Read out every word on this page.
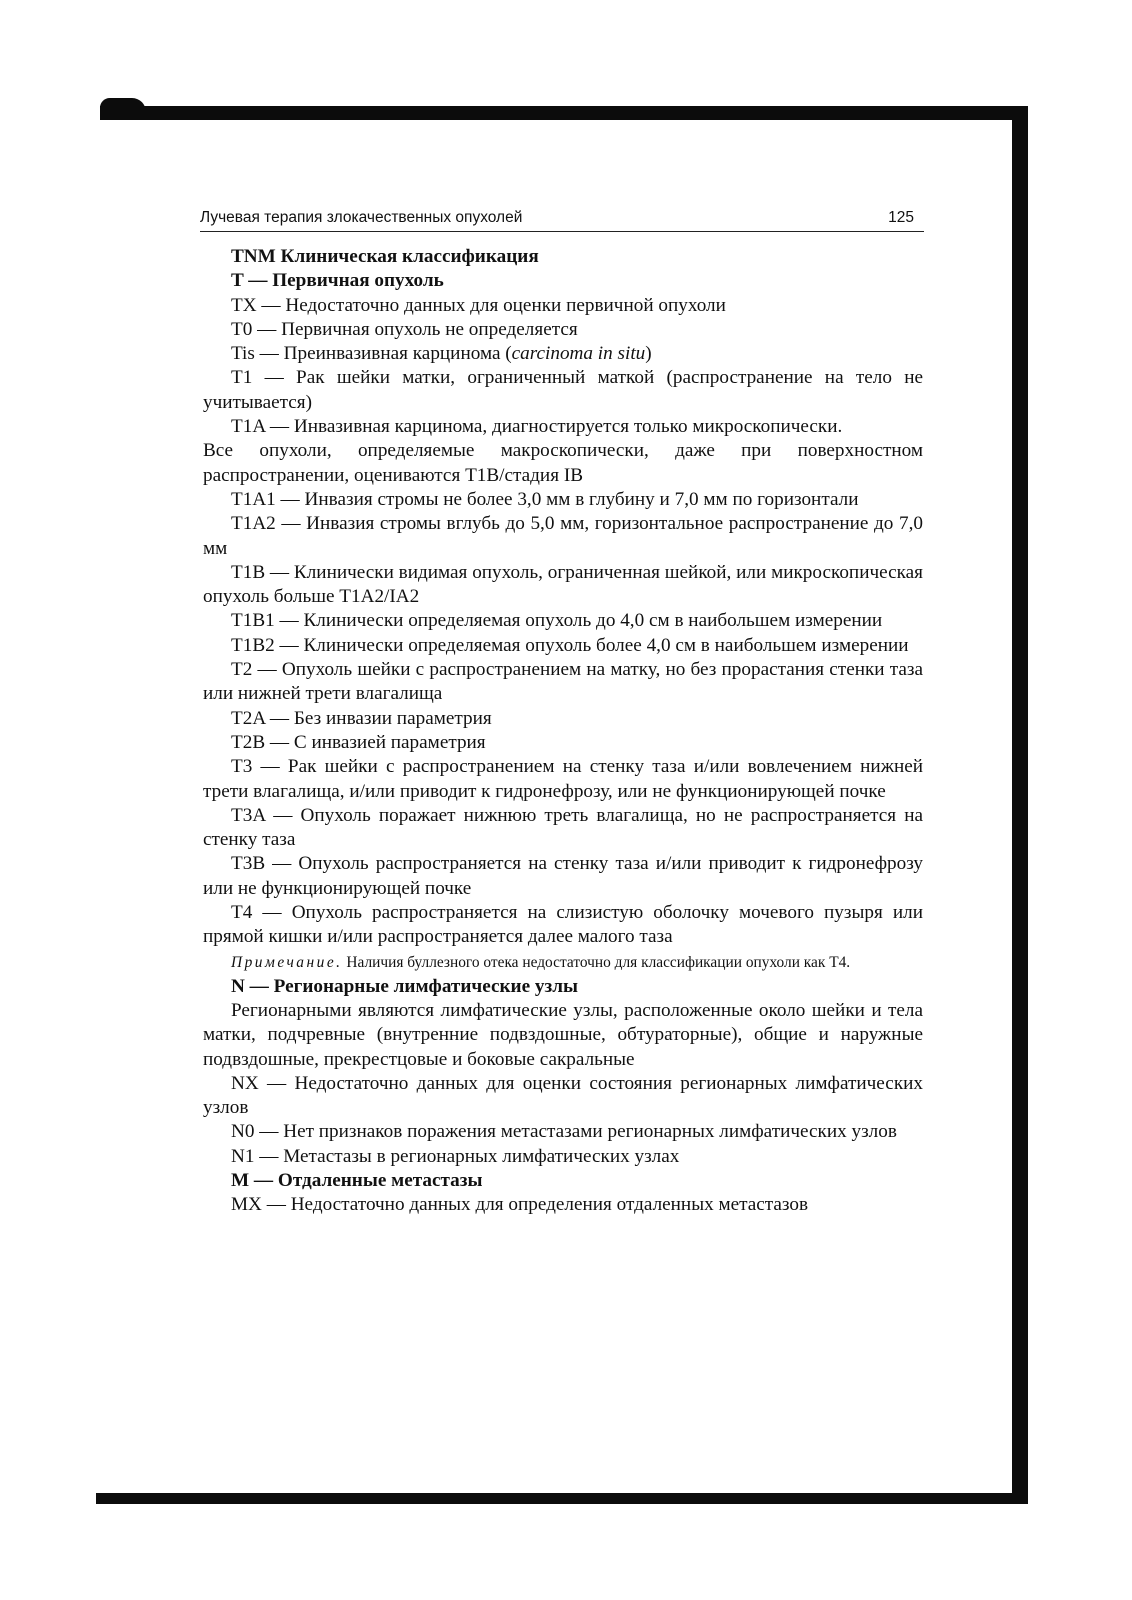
Лучевая терапия злокачественных опухолей	125

TNM Клиническая классификация

T — Первичная опухоль

TX — Недостаточно данных для оценки первичной опухоли

T0 — Первичная опухоль не определяется

Tis — Преинвазивная карцинома (carcinoma in situ)

T1 — Рак шейки матки, ограниченный маткой (распространение на тело не учитывается)

T1A — Инвазивная карцинома, диагностируется только микроскопически.

Все опухоли, определяемые макроскопически, даже при поверхностном распространении, оцениваются T1B/стадия IB

T1A1 — Инвазия стромы не более 3,0 мм в глубину и 7,0 мм по горизонтали

T1A2 — Инвазия стромы вглубь до 5,0 мм, горизонтальное распространение до 7,0 мм

T1B — Клинически видимая опухоль, ограниченная шейкой, или микроскопическая опухоль больше T1A2/IA2

T1B1 — Клинически определяемая опухоль до 4,0 см в наибольшем измерении

T1B2 — Клинически определяемая опухоль более 4,0 см в наибольшем измерении

T2 — Опухоль шейки с распространением на матку, но без прорастания стенки таза или нижней трети влагалища

T2A — Без инвазии параметрия

T2B — С инвазией параметрия

T3 — Рак шейки с распространением на стенку таза и/или вовлечением нижней трети влагалища, и/или приводит к гидронефрозу, или не функционирующей почке

T3A — Опухоль поражает нижнюю треть влагалища, но не распространяется на стенку таза

T3B — Опухоль распространяется на стенку таза и/или приводит к гидронефрозу или не функционирующей почке

T4 — Опухоль распространяется на слизистую оболочку мочевого пузыря или прямой кишки и/или распространяется далее малого таза

Примечание. Наличия буллезного отека недостаточно для классификации опухоли как T4.

N — Регионарные лимфатические узлы

Регионарными являются лимфатические узлы, расположенные около шейки и тела матки, подчревные (внутренние подвздошные, обтураторные), общие и наружные подвздошные, прекрестцовые и боковые сакральные

NX — Недостаточно данных для оценки состояния регионарных лимфатических узлов

N0 — Нет признаков поражения метастазами регионарных лимфатических узлов

N1 — Метастазы в регионарных лимфатических узлах

M — Отдаленные метастазы

MX — Недостаточно данных для определения отдаленных метастазов
